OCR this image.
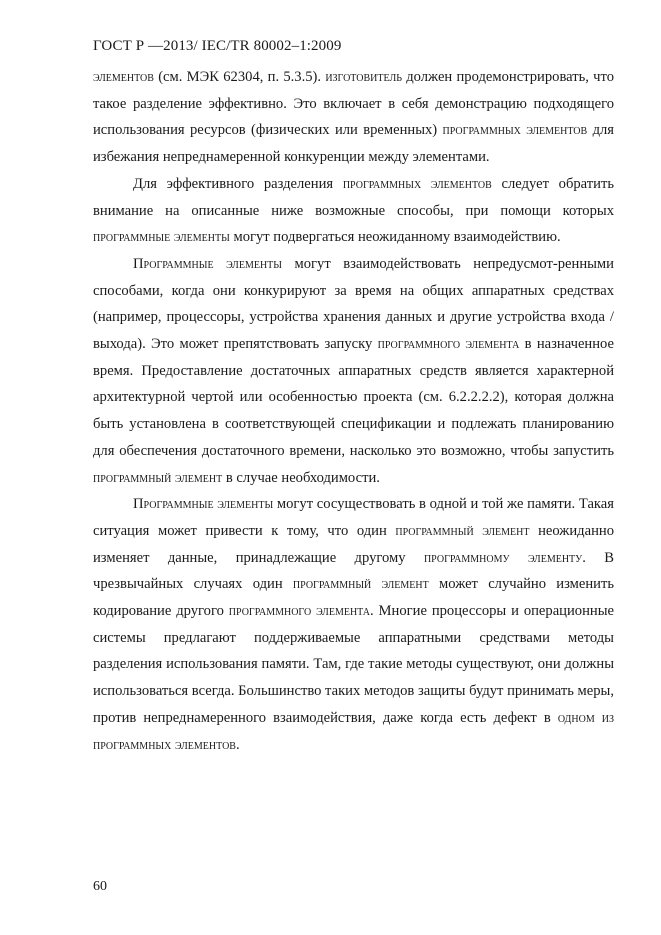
ГОСТ Р —2013/ IEC/TR 80002–1:2009

элементов (см. МЭК 62304, п. 5.3.5). изготовитель должен продемонстрировать, что такое разделение эффективно. Это включает в себя демонстрацию подходящего использования ресурсов (физических или временных) программных элементов для избежания непреднамеренной конкуренции между элементами.

Для эффективного разделения программных элементов следует обратить внимание на описанные ниже возможные способы, при помощи которых программные элементы могут подвергаться неожиданному взаимодействию.

Программные элементы могут взаимодействовать непредусмот-ренными способами, когда они конкурируют за время на общих аппаратных средствах (например, процессоры, устройства хранения данных и другие устройства входа / выхода). Это может препятствовать запуску программного элемента в назначенное время. Предоставление достаточных аппаратных средств является характерной архитектурной чертой или особенностью проекта (см. 6.2.2.2.2), которая должна быть установлена в соответствующей спецификации и подлежать планированию для обеспечения достаточного времени, насколько это возможно, чтобы запустить программный элемент в случае необходимости.

Программные элементы могут сосуществовать в одной и той же памяти. Такая ситуация может привести к тому, что один программный элемент неожиданно изменяет данные, принадлежащие другому программному элементу. В чрезвычайных случаях один программный элемент может случайно изменить кодирование другого программного элемента. Многие процессоры и операционные системы предлагают поддерживаемые аппаратными средствами методы разделения использования памяти. Там, где такие методы существуют, они должны использоваться всегда. Большинство таких методов защиты будут принимать меры, против непреднамеренного взаимодействия, даже когда есть дефект в одном из программных элементов.

60
